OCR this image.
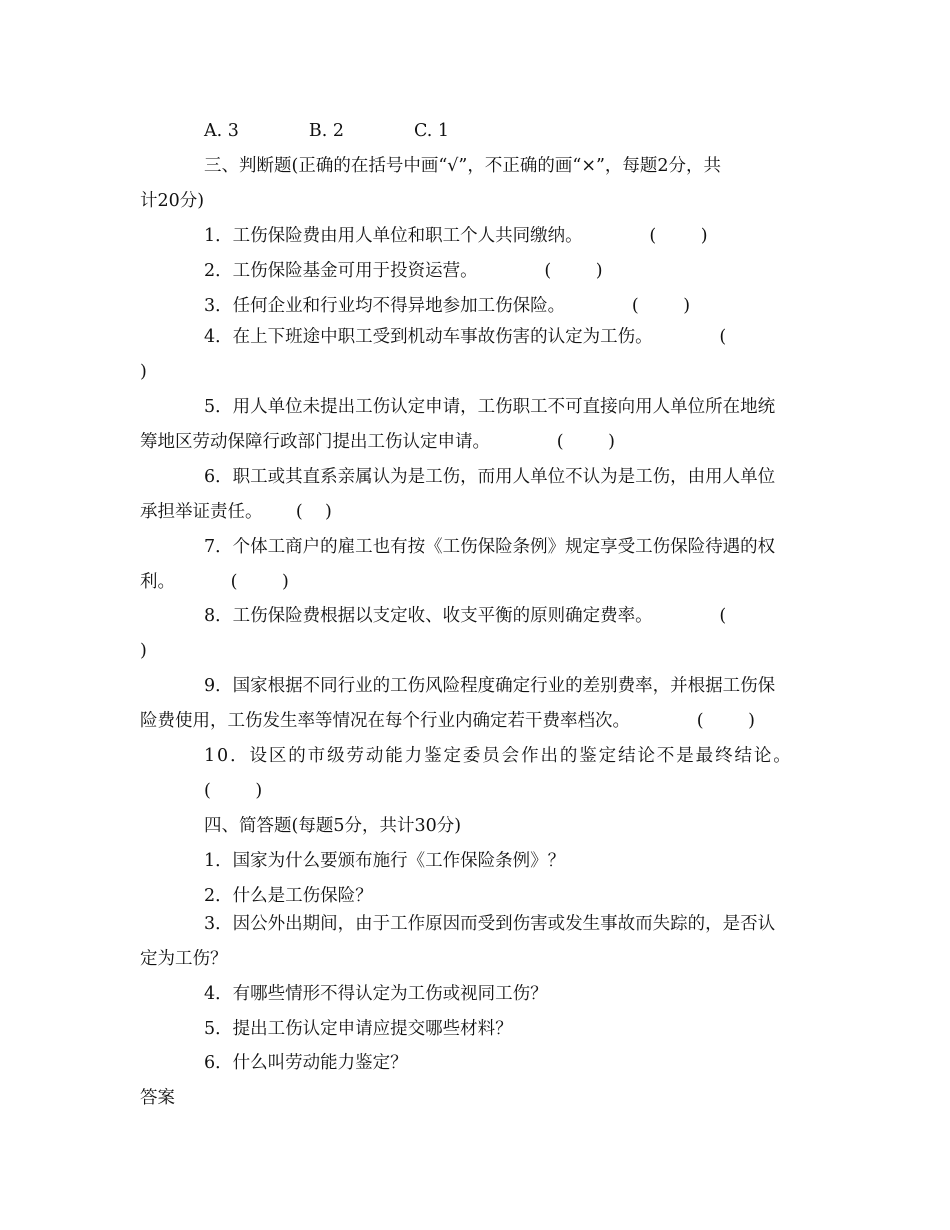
A. 3　　　　B. 2　　　　C. 1
三、判断题(正确的在括号中画“√”，不正确的画“×”，每题2分，共
计20分)
1．工伤保险费由用人单位和职工个人共同缴纳。            (        )
2．工伤保险基金可用于投资运营。            (        )
3．任何企业和行业均不得异地参加工伤保险。            (        )
4．在上下班途中职工受到机动车事故伤害的认定为工伤。            (
)
5．用人单位未提出工伤认定申请，工伤职工不可直接向用人单位所在地统
筹地区劳动保障行政部门提出工伤认定申请。            (        )
6．职工或其直系亲属认为是工伤，而用人单位不认为是工伤，由用人单位
承担举证责任。      (    )
7．个体工商户的雇工也有按《工伤保险条例》规定享受工伤保险待遇的权
利。          (        )
8．工伤保险费根据以支定收、收支平衡的原则确定费率。            (
)
9．国家根据不同行业的工伤风险程度确定行业的差别费率，并根据工伤保
险费使用，工伤发生率等情况在每个行业内确定若干费率档次。            (        )
10．设区的市级劳动能力鉴定委员会作出的鉴定结论不是最终结论。
(        )
四、简答题(每题5分，共计30分)
1．国家为什么要颁布施行《工作保险条例》？
2．什么是工伤保险？
3．因公外出期间，由于工作原因而受到伤害或发生事故而失踪的，是否认
定为工伤？
4．有哪些情形不得认定为工伤或视同工伤？
5．提出工伤认定申请应提交哪些材料？
6．什么叫劳动能力鉴定？
答案
